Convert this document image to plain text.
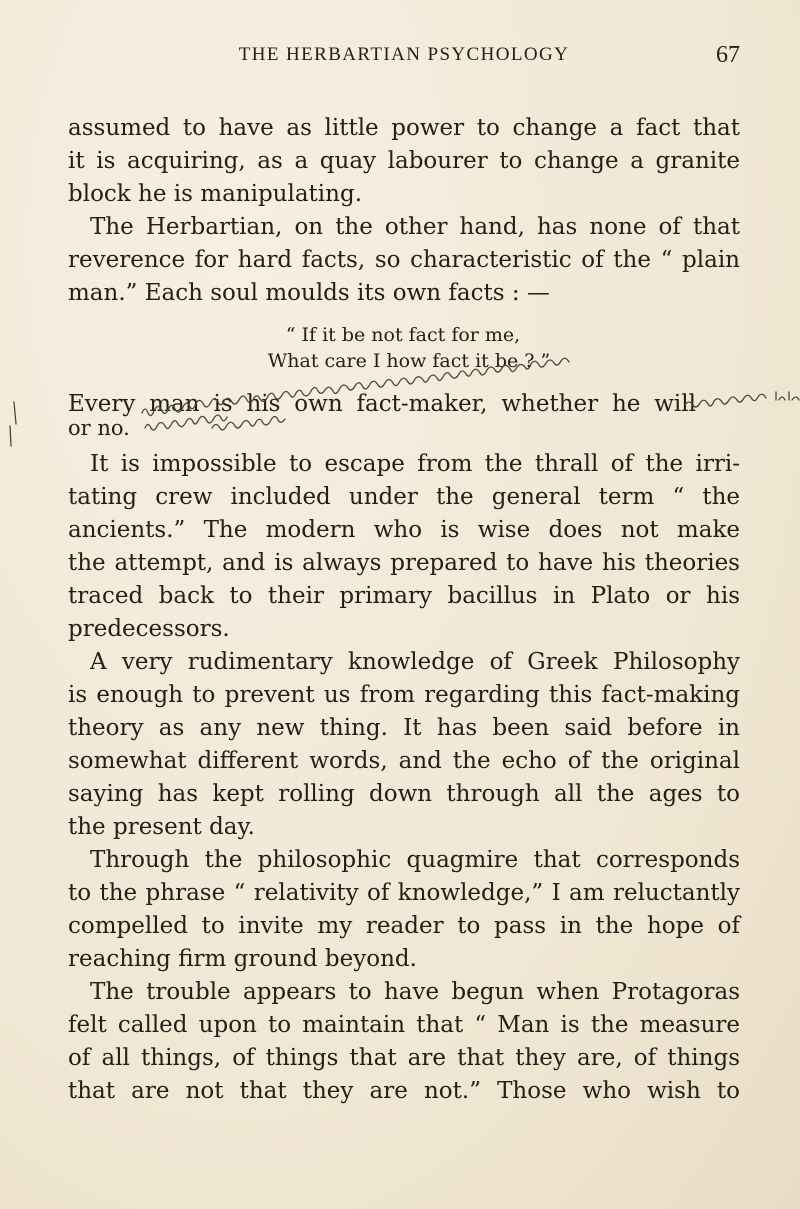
THE HERBARTIAN PSYCHOLOGY	67
assumed to have as little power to change a fact that
it is acquiring, as a quay labourer to change a granite
block he is manipulating.
The Herbartian, on the other hand, has none of that
reverence for hard facts, so characteristic of the “ plain
man.” Each soul moulds its own facts : —
“ If it be not fact for me,
What care I how fact it be ? ”
Every man is his own fact-maker, whether he will
or no.
It is impossible to escape from the thrall of the irri-
tating crew included under the general term “ the
ancients.” The modern who is wise does not make
the attempt, and is always prepared to have his theories
traced back to their primary bacillus in Plato or his
predecessors.
A very rudimentary knowledge of Greek Philosophy
is enough to prevent us from regarding this fact-making
theory as any new thing. It has been said before in
somewhat different words, and the echo of the original
saying has kept rolling down through all the ages to
the present day.
Through the philosophic quagmire that corresponds
to the phrase “ relativity of knowledge,” I am reluctantly
compelled to invite my reader to pass in the hope of
reaching firm ground beyond.
The trouble appears to have begun when Protagoras
felt called upon to maintain that “ Man is the measure
of all things, of things that are that they are, of things
that are not that they are not.” Those who wish to
